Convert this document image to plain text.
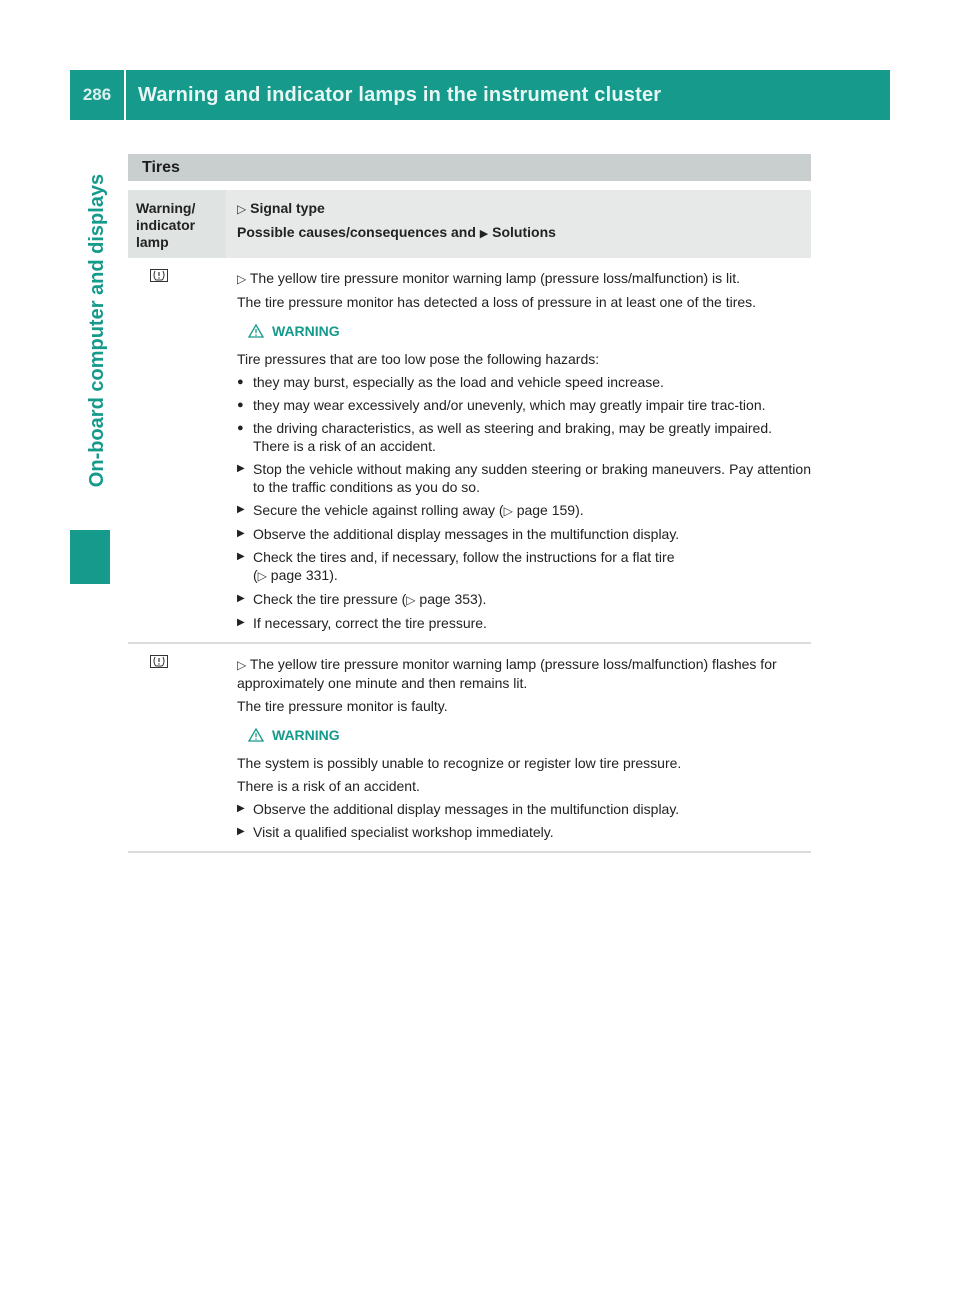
286	Warning and indicator lamps in the instrument cluster
On-board computer and displays
Tires
Warning/ indicator lamp
▷ Signal type
Possible causes/consequences and ▶ Solutions

▷ The yellow tire pressure monitor warning lamp (pressure loss/malfunction) is lit.

The tire pressure monitor has detected a loss of pressure in at least one of the tires.

WARNING

Tire pressures that are too low pose the following hazards:

● they may burst, especially as the load and vehicle speed increase.
● they may wear excessively and/or unevenly, which may greatly impair tire trac-tion.
● the driving characteristics, as well as steering and braking, may be greatly impaired.
There is a risk of an accident.
▶ Stop the vehicle without making any sudden steering or braking maneuvers. Pay attention to the traffic conditions as you do so.
▶ Secure the vehicle against rolling away (▷ page 159).
▶ Observe the additional display messages in the multifunction display.
▶ Check the tires and, if necessary, follow the instructions for a flat tire
(▷ page 331).
▶ Check the tire pressure (▷ page 353).
▶ If necessary, correct the tire pressure.

▷ The yellow tire pressure monitor warning lamp (pressure loss/malfunction) flashes for approximately one minute and then remains lit.

The tire pressure monitor is faulty.

WARNING

The system is possibly unable to recognize or register low tire pressure.

There is a risk of an accident.

▶ Observe the additional display messages in the multifunction display.
▶ Visit a qualified specialist workshop immediately.
